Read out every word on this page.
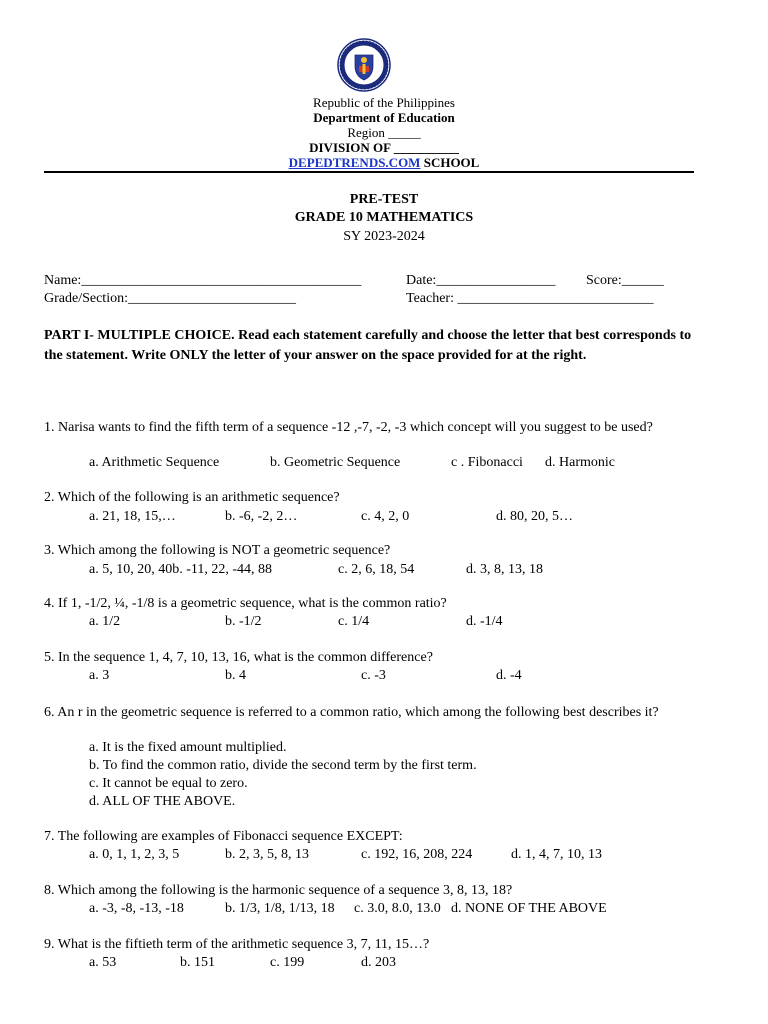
Republic of the Philippines
Department of Education
Region _____
DIVISION OF __________
DEPEDTRENDS.COM SCHOOL
PRE-TEST
GRADE 10 MATHEMATICS
SY 2023-2024
Name:________________________________________	Date:_________________ Score:______
Grade/Section:________________________	Teacher: ____________________________
PART I- MULTIPLE CHOICE. Read each statement carefully and choose the letter that best corresponds to the statement. Write ONLY the letter of your answer on the space provided for at the right.
1. Narisa wants to find the fifth term of a sequence -12 ,-7, -2, -3 which concept will you suggest to be used?
a. Arithmetic Sequence	b. Geometric Sequence	c . Fibonacci d. Harmonic
2. Which of the following is an arithmetic sequence?
a. 21, 18, 15,…	b. -6, -2, 2…	c. 4, 2, 0	d. 80, 20, 5…
3. Which among the following is NOT a geometric sequence?
a. 5, 10, 20, 40b. -11, 22, -44, 88	c. 2, 6, 18, 54	d. 3, 8, 13, 18
4. If 1, -1/2, ¼, -1/8 is a geometric sequence, what is the common ratio?
a. 1/2	b. -1/2	c. 1/4	d. -1/4
5. In the sequence 1, 4, 7, 10, 13, 16, what is the common difference?
a. 3	b. 4	c. -3	d. -4
6. An r in the geometric sequence is referred to a common ratio, which among the following best describes it?
a. It is the fixed amount multiplied.
b. To find the common ratio, divide the second term by the first term.
c. It cannot be equal to zero.
d. ALL OF THE ABOVE.
7. The following are examples of Fibonacci sequence EXCEPT:
a. 0, 1, 1, 2, 3, 5	b. 2, 3, 5, 8, 13	c. 192, 16, 208, 224	d. 1, 4, 7, 10, 13
8. Which among the following is the harmonic sequence of a sequence 3, 8, 13, 18?
a. -3, -8, -13, -18	b. 1/3, 1/8, 1/13, 18 c. 3.0, 8.0, 13.0 d. NONE OF THE ABOVE
9. What is the fiftieth term of the arithmetic sequence 3, 7, 11, 15…?
a. 53	b. 151	c. 199	d. 203
